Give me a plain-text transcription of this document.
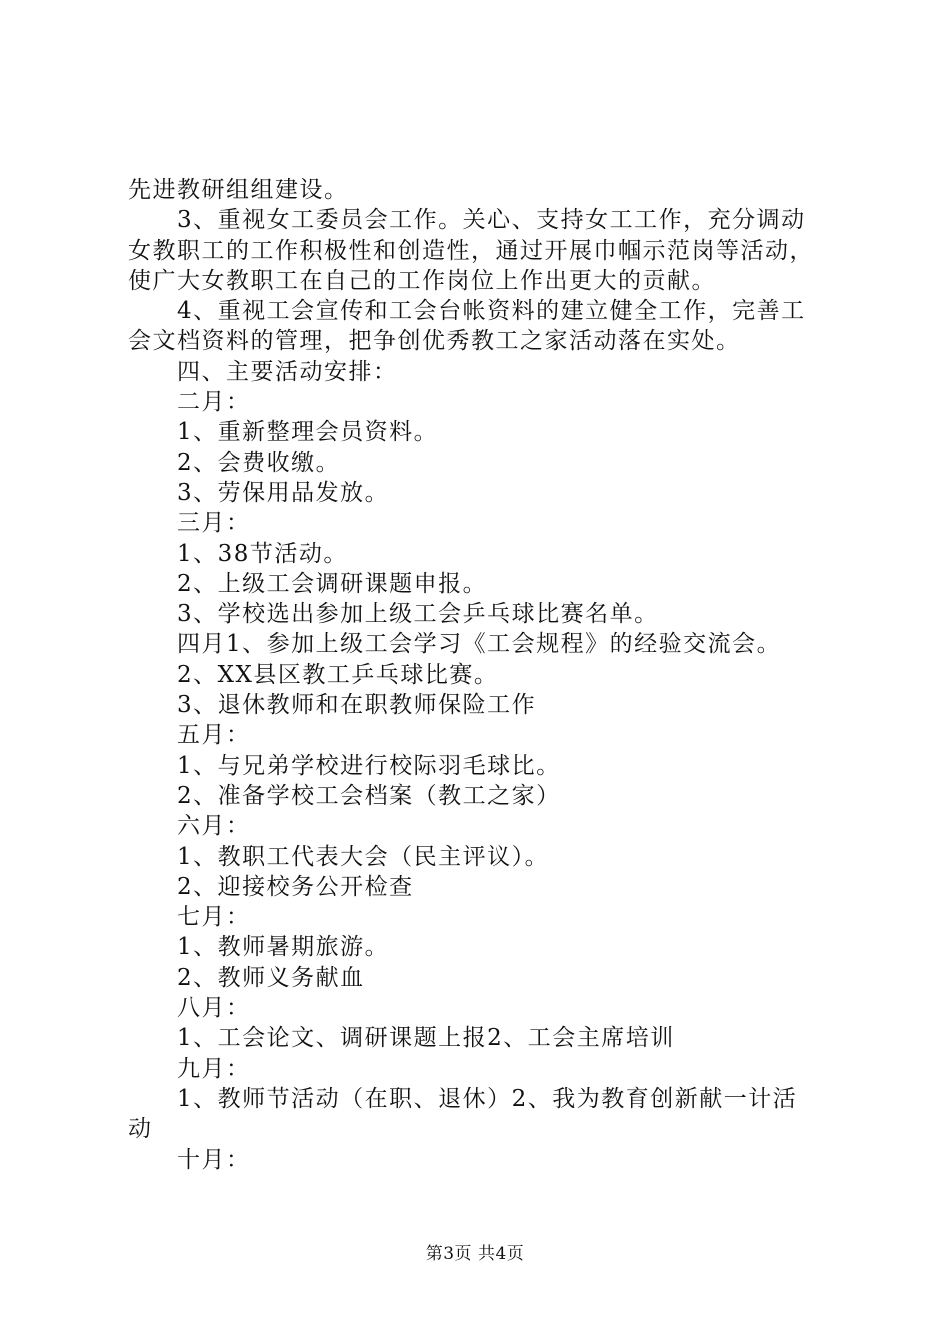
先进教研组组建设。
3、重视女工委员会工作。关心、支持女工工作，充分调动
女教职工的工作积极性和创造性，通过开展巾帼示范岗等活动，
使广大女教职工在自己的工作岗位上作出更大的贡献。
4、重视工会宣传和工会台帐资料的建立健全工作，完善工
会文档资料的管理，把争创优秀教工之家活动落在实处。
四、主要活动安排：
二月：
1、重新整理会员资料。
2、会费收缴。
3、劳保用品发放。
三月：
1、38节活动。
2、上级工会调研课题申报。
3、学校选出参加上级工会乒乓球比赛名单。
四月1、参加上级工会学习《工会规程》的经验交流会。
2、XX县区教工乒乓球比赛。
3、退休教师和在职教师保险工作
五月：
1、与兄弟学校进行校际羽毛球比。
2、准备学校工会档案（教工之家）
六月：
1、教职工代表大会（民主评议）。
2、迎接校务公开检查
七月：
1、教师暑期旅游。
2、教师义务献血
八月：
1、工会论文、调研课题上报2、工会主席培训
九月：
1、教师节活动（在职、退休）2、我为教育创新献一计活
动
十月：
第3页 共4页
